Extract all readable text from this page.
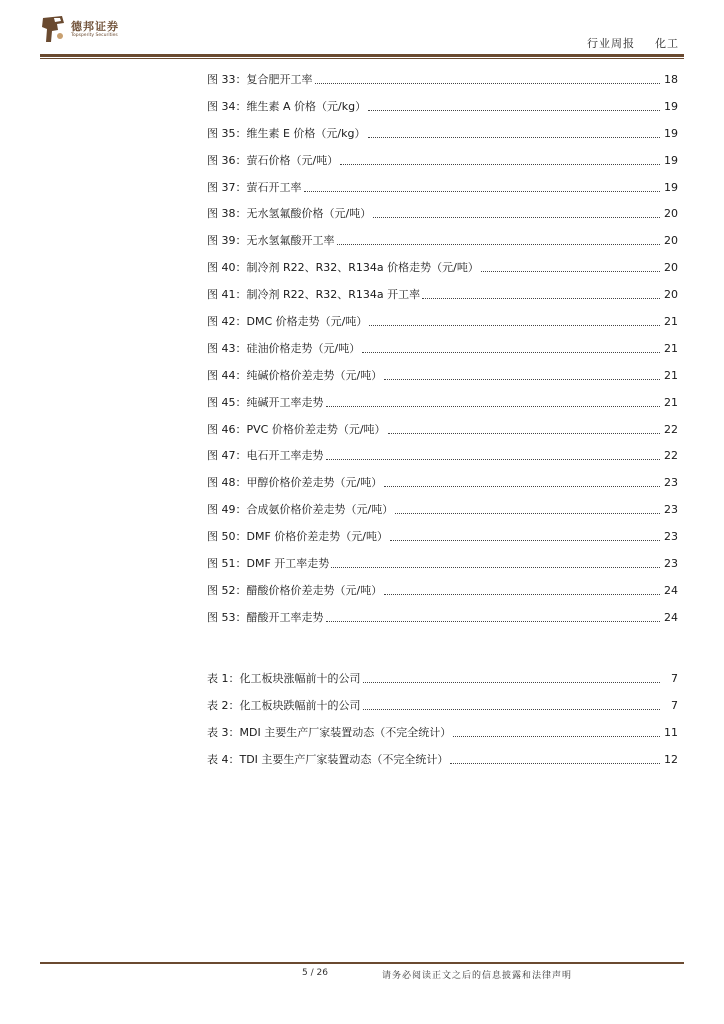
德邦证券
Topsperity Securities
行业周报 化工
图 33：复合肥开工率	18
图 34：维生素 A 价格（元/kg）	19
图 35：维生素 E 价格（元/kg）	19
图 36：萤石价格（元/吨）	19
图 37：萤石开工率	19
图 38：无水氢氟酸价格（元/吨）	20
图 39：无水氢氟酸开工率	20
图 40：制冷剂 R22、R32、R134a 价格走势（元/吨）	20
图 41：制冷剂 R22、R32、R134a 开工率	20
图 42：DMC 价格走势（元/吨）	21
图 43：硅油价格走势（元/吨）	21
图 44：纯碱价格价差走势（元/吨）	21
图 45：纯碱开工率走势	21
图 46：PVC 价格价差走势（元/吨）	22
图 47：电石开工率走势	22
图 48：甲醇价格价差走势（元/吨）	23
图 49：合成氨价格价差走势（元/吨）	23
图 50：DMF 价格价差走势（元/吨）	23
图 51：DMF 开工率走势	23
图 52：醋酸价格价差走势（元/吨）	24
图 53：醋酸开工率走势	24
表 1：化工板块涨幅前十的公司	7
表 2：化工板块跌幅前十的公司	7
表 3：MDI 主要生产厂家装置动态（不完全统计）	11
表 4：TDI 主要生产厂家装置动态（不完全统计）	12
5 / 26	请务必阅读正文之后的信息披露和法律声明
